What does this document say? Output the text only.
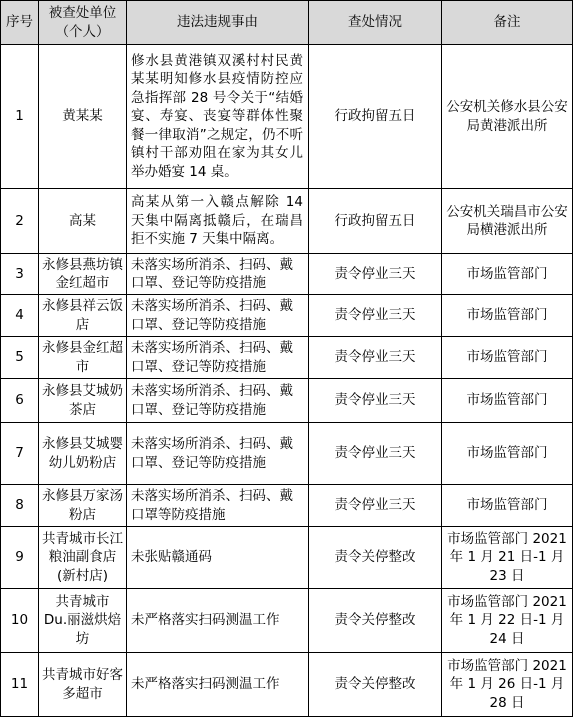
序号	被查处单位（个人）	违法违规事由	查处情况	备注
1	黄某某	修水县黄港镇双溪村村民黄某某明知修水县疫情防控应急指挥部 28 号令关于“结婚宴、寿宴、丧宴等群体性聚餐一律取消”之规定，仍不听镇村干部劝阻在家为其女儿举办婚宴 14 桌。	行政拘留五日	公安机关修水县公安局黄港派出所
2	高某	高某从第一入赣点解除 14 天集中隔离抵赣后，在瑞昌拒不实施 7 天集中隔离。	行政拘留五日	公安机关瑞昌市公安局横港派出所
3	永修县燕坊镇金红超市	未落实场所消杀、扫码、戴口罩、登记等防疫措施	责令停业三天	市场监管部门
4	永修县祥云饭店	未落实场所消杀、扫码、戴口罩、登记等防疫措施	责令停业三天	市场监管部门
5	永修县金红超市	未落实场所消杀、扫码、戴口罩、登记等防疫措施	责令停业三天	市场监管部门
6	永修县艾城奶茶店	未落实场所消杀、扫码、戴口罩、登记等防疫措施	责令停业三天	市场监管部门
7	永修县艾城婴幼儿奶粉店	未落实场所消杀、扫码、戴口罩、登记等防疫措施	责令停业三天	市场监管部门
8	永修县万家汤粉店	未落实场所消杀、扫码、戴口罩等防疫措施	责令停业三天	市场监管部门
9	共青城市长江粮油副食店(新村店)	未张贴赣通码	责令关停整改	市场监管部门 2021 年 1 月 21 日-1 月 23 日
10	共青城市 Du.丽滋烘焙坊	未严格落实扫码测温工作	责令关停整改	市场监管部门 2021 年 1 月 22 日-1 月 24 日
11	共青城市好客多超市	未严格落实扫码测温工作	责令关停整改	市场监管部门 2021 年 1 月 26 日-1 月 28 日
